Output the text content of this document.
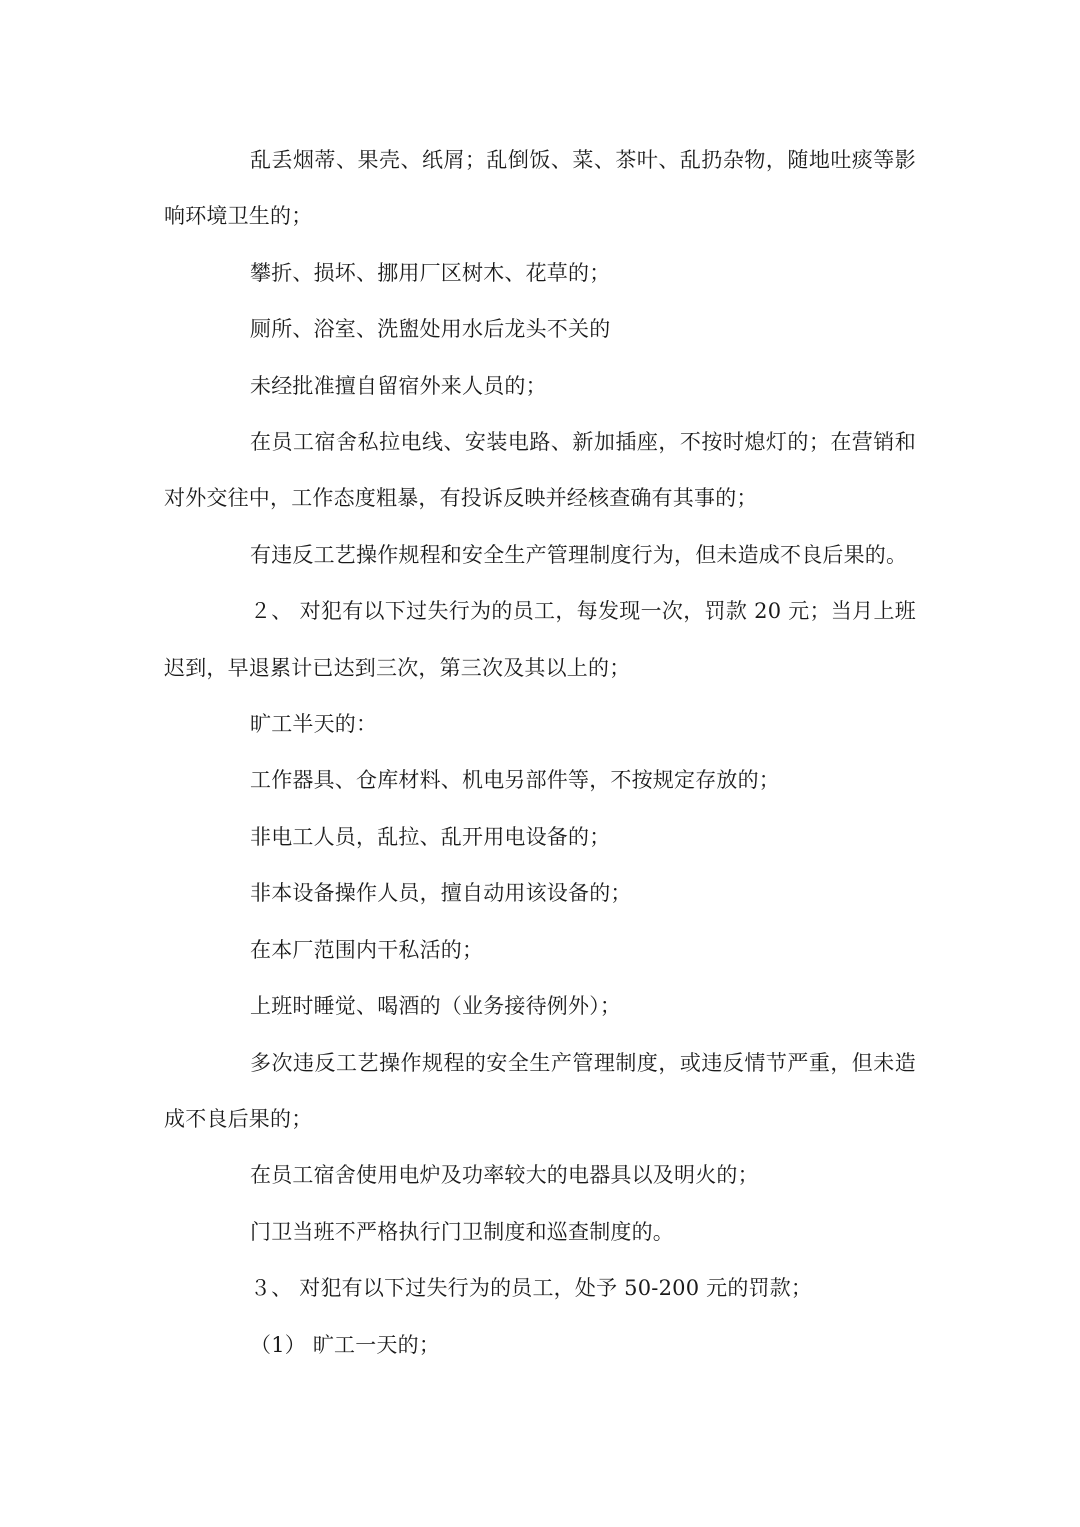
乱丢烟蒂、果壳、纸屑；乱倒饭、菜、茶叶、乱扔杂物，随地吐痰等影响环境卫生的；

攀折、损坏、挪用厂区树木、花草的；

厕所、浴室、洗盥处用水后龙头不关的

未经批准擅自留宿外来人员的；

在员工宿舍私拉电线、安装电路、新加插座，不按时熄灯的；在营销和对外交往中，工作态度粗暴，有投诉反映并经核查确有其事的；

有违反工艺操作规程和安全生产管理制度行为，但未造成不良后果的。

２、 对犯有以下过失行为的员工，每发现一次，罚款 20 元；当月上班迟到，早退累计已达到三次，第三次及其以上的；

旷工半天的：

工作器具、仓库材料、机电另部件等，不按规定存放的；

非电工人员，乱拉、乱开用电设备的；

非本设备操作人员，擅自动用该设备的；

在本厂范围内干私活的；

上班时睡觉、喝酒的（业务接待例外）；

多次违反工艺操作规程的安全生产管理制度，或违反情节严重，但未造成不良后果的；

在员工宿舍使用电炉及功率较大的电器具以及明火的；

门卫当班不严格执行门卫制度和巡查制度的。

３、 对犯有以下过失行为的员工，处予 50-200 元的罚款；

（1） 旷工一天的；
